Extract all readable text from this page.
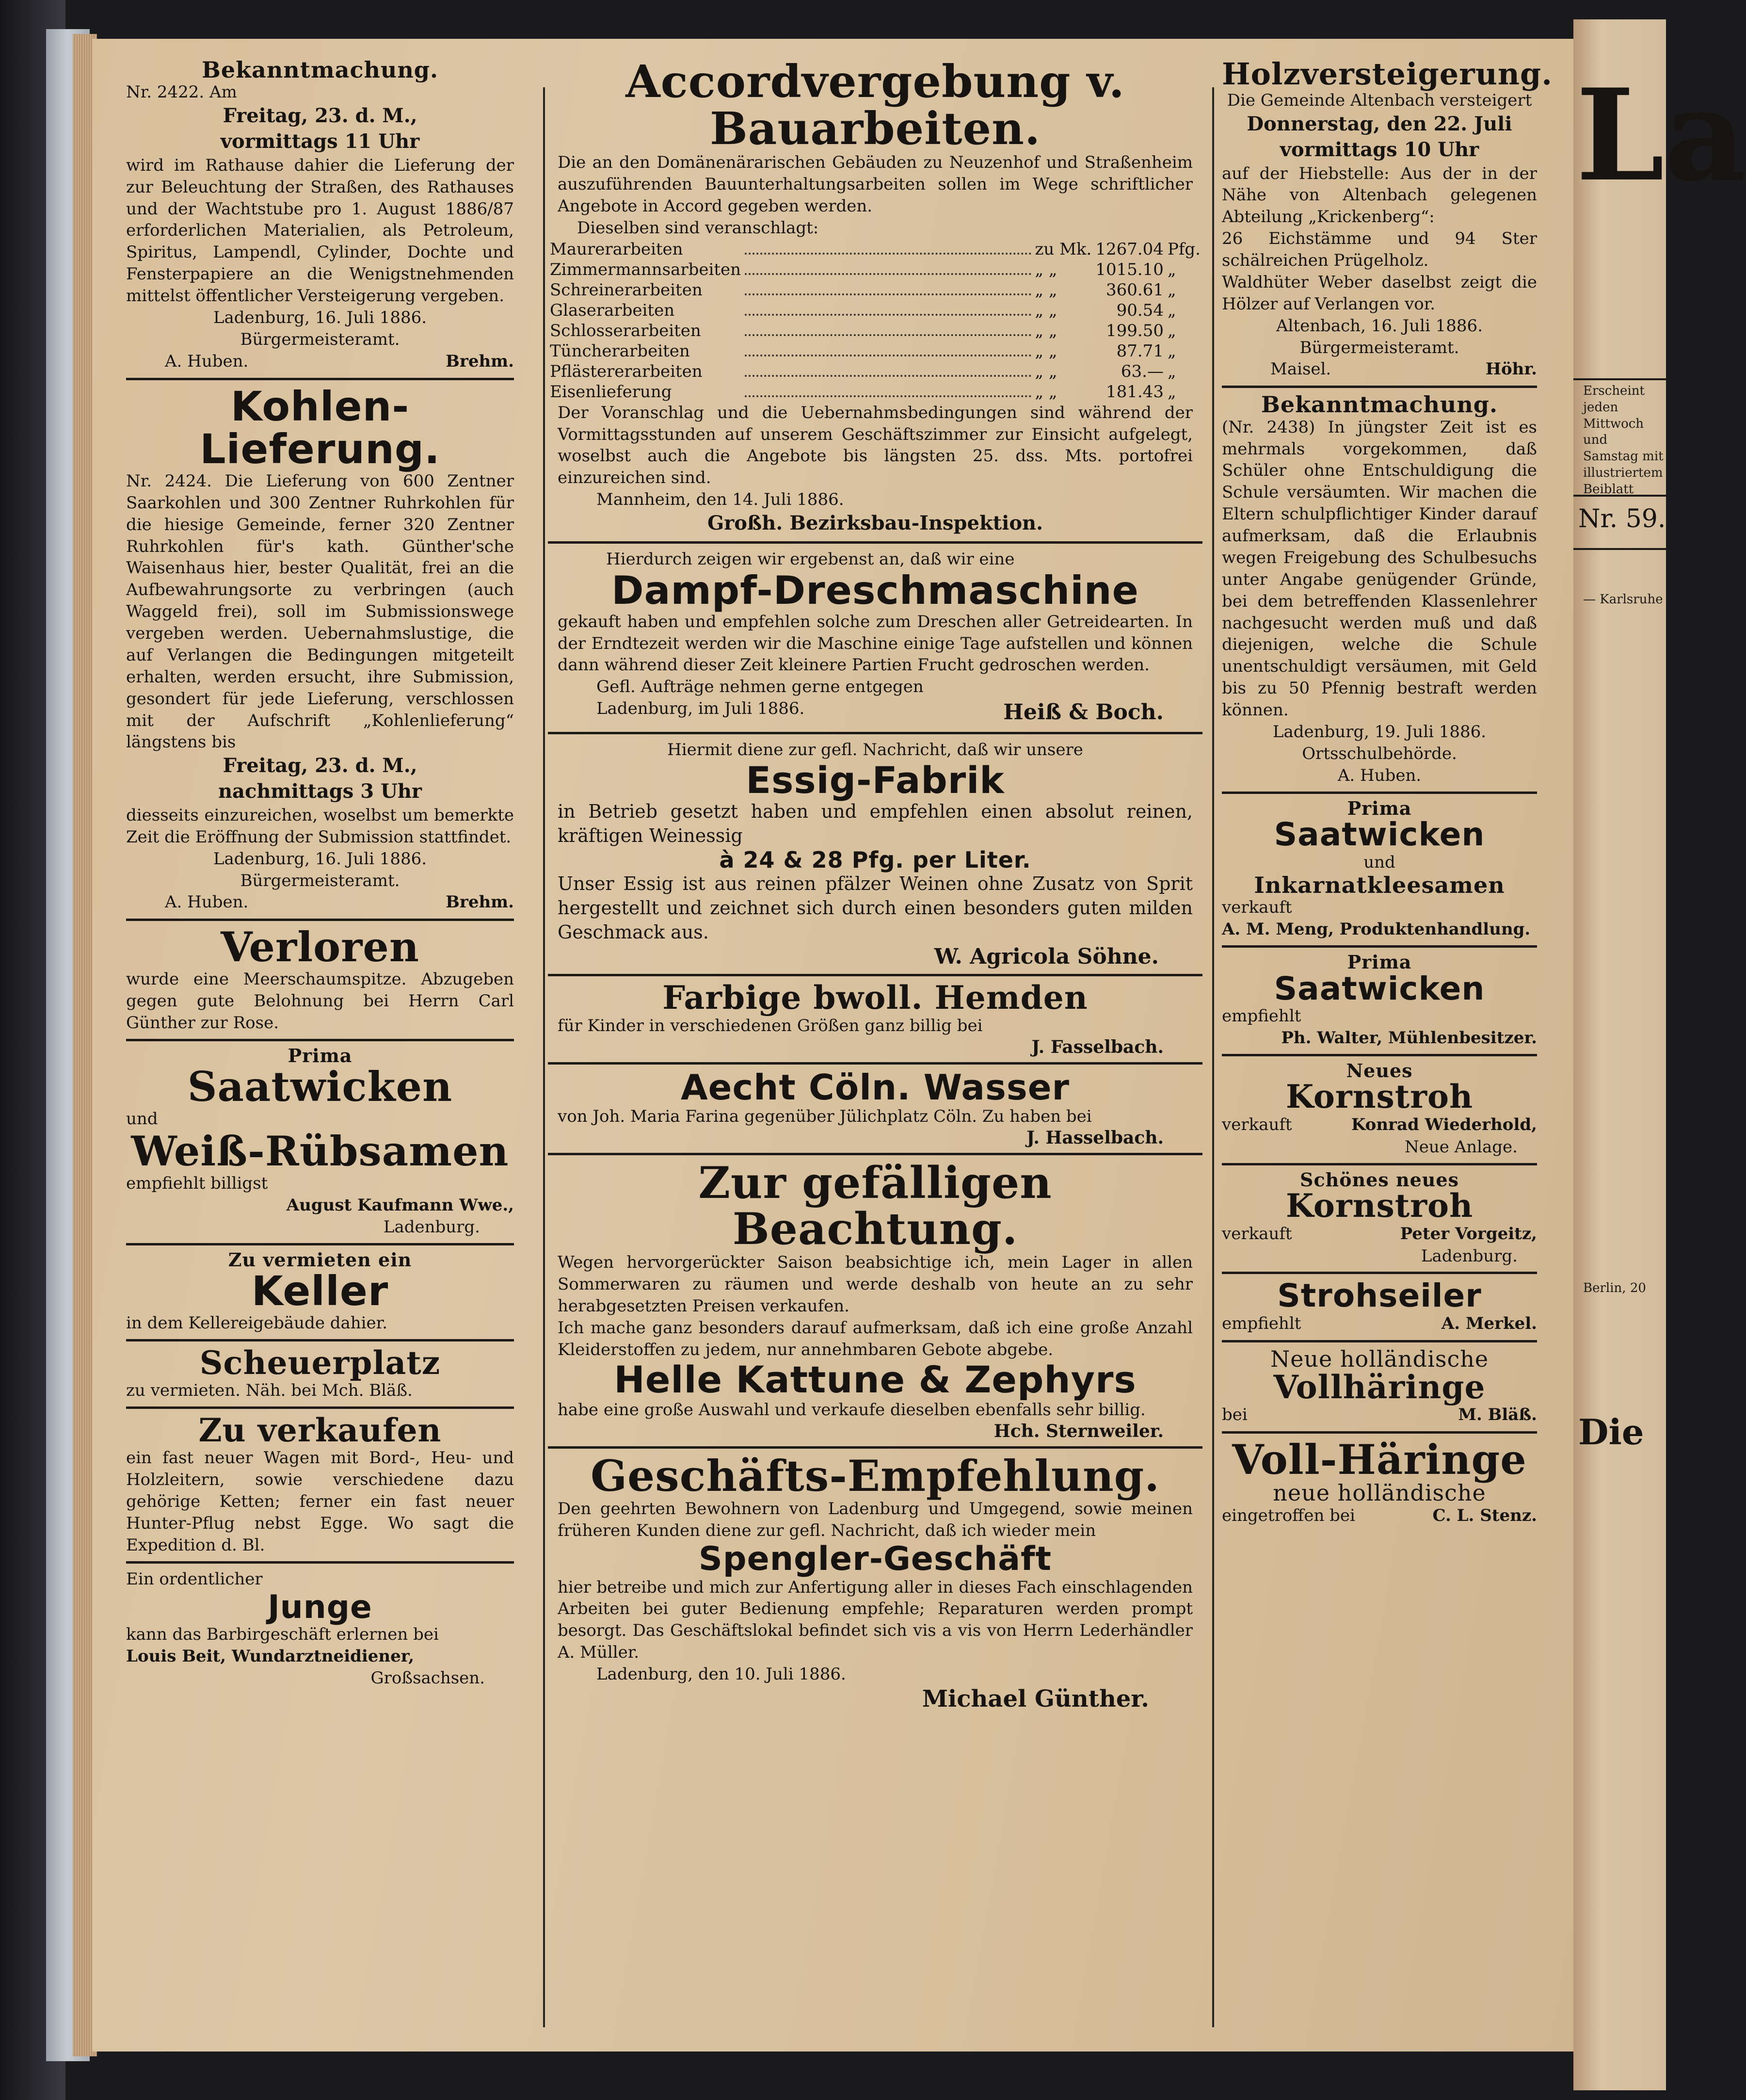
Bekanntmachung.
Nr. 2422. Am
Freitag, 23. d. M.,
vormittags 11 Uhr
wird im Rathause dahier die Lieferung der zur Beleuchtung der Straßen, des Rathauses und der Wachtstube pro 1. August 1886/87 erforderlichen Materialien, als Petroleum, Spiritus, Lampendl, Cylinder, Dochte und Fensterpapiere an die Wenigstnehmenden mittelst öffentlicher Versteigerung vergeben.
Ladenburg, 16. Juli 1886.
Bürgermeisteramt.
A. Huben.	Brehm.
Kohlen-
Lieferung.
Nr. 2424. Die Lieferung von 600 Zentner Saarkohlen und 300 Zentner Ruhrkohlen für die hiesige Gemeinde, ferner 320 Zentner Ruhrkohlen für's kath. Günther'sche Waisenhaus hier, bester Qualität, frei an die Aufbewahrungsorte zu verbringen (auch Waggeld frei), soll im Submissionswege vergeben werden. Uebernahmslustige, die auf Verlangen die Bedingungen mitgeteilt erhalten, werden ersucht, ihre Submission, gesondert für jede Lieferung, verschlossen mit der Aufschrift „Kohlenlieferung“ längstens bis
Freitag, 23. d. M.,
nachmittags 3 Uhr
diesseits einzureichen, woselbst um bemerkte Zeit die Eröffnung der Submission stattfindet.
Ladenburg, 16. Juli 1886.
Bürgermeisteramt.
A. Huben.	Brehm.
Verloren
wurde eine Meerschaumspitze. Abzugeben gegen gute Belohnung bei Herrn Carl Günther zur Rose.
Prima
Saatwicken
und
Weiß-Rübsamen
empfiehlt billigst
August Kaufmann Wwe.,
Ladenburg.
Zu vermieten ein
Keller
in dem Kellereigebäude dahier.
Scheuerplatz
zu vermieten. Näh. bei Mch. Bläß.
Zu verkaufen
ein fast neuer Wagen mit Bord-, Heu- und Holzleitern, sowie verschiedene dazu gehörige Ketten; ferner ein fast neuer Hunter-Pflug nebst Egge. Wo sagt die Expedition d. Bl.
Ein ordentlicher
Junge
kann das Barbirgeschäft erlernen bei
Louis Beit, Wundarztneidiener,
Großsachsen.
Accordvergebung v. Bauarbeiten.
Die an den Domänenärarischen Gebäuden zu Neuzenhof und Straßenheim auszuführenden Bauunterhaltungsarbeiten sollen im Wege schriftlicher Angebote in Accord gegeben werden.
Dieselben sind veranschlagt:
Maurerarbeiten		zu Mk.	1267.04	Pfg.
Zimmermannsarbeiten		„ „	1015.10	„
Schreinerarbeiten		„ „	360.61	„
Glaserarbeiten		„ „	90.54	„
Schlosserarbeiten		„ „	199.50	„
Tüncherarbeiten		„ „	87.71	„
Pflästererarbeiten		„ „	63.—	„
Eisenlieferung		„ „	181.43	„
Der Voranschlag und die Uebernahmsbedingungen sind während der Vormittagsstunden auf unserem Geschäftszimmer zur Einsicht aufgelegt, woselbst auch die Angebote bis längsten 25. dss. Mts. portofrei einzureichen sind.
Mannheim, den 14. Juli 1886.
Großh. Bezirksbau-Inspektion.
Hierdurch zeigen wir ergebenst an, daß wir eine
Dampf-Dreschmaschine
gekauft haben und empfehlen solche zum Dreschen aller Getreidearten. In der Erndtezeit werden wir die Maschine einige Tage aufstellen und können dann während dieser Zeit kleinere Partien Frucht gedroschen werden.
Gefl. Aufträge nehmen gerne entgegen
Ladenburg, im Juli 1886.	Heiß & Boch.
Hiermit diene zur gefl. Nachricht, daß wir unsere
Essig-Fabrik
in Betrieb gesetzt haben und empfehlen einen absolut reinen, kräftigen Weinessig
à 24 & 28 Pfg. per Liter.
Unser Essig ist aus reinen pfälzer Weinen ohne Zusatz von Sprit hergestellt und zeichnet sich durch einen besonders guten milden Geschmack aus.
W. Agricola Söhne.
Farbige bwoll. Hemden
für Kinder in verschiedenen Größen ganz billig bei
J. Fasselbach.
Aecht Cöln. Wasser
von Joh. Maria Farina gegenüber Jülichplatz Cöln. Zu haben bei
J. Hasselbach.
Zur gefälligen Beachtung.
Wegen hervorgerückter Saison beabsichtige ich, mein Lager in allen Sommerwaren zu räumen und werde deshalb von heute an zu sehr herabgesetzten Preisen verkaufen.
Ich mache ganz besonders darauf aufmerksam, daß ich eine große Anzahl Kleiderstoffen zu jedem, nur annehmbaren Gebote abgebe.
Helle Kattune & Zephyrs
habe eine große Auswahl und verkaufe dieselben ebenfalls sehr billig.
Hch. Sternweiler.
Geschäfts-Empfehlung.
Den geehrten Bewohnern von Ladenburg und Umgegend, sowie meinen früheren Kunden diene zur gefl. Nachricht, daß ich wieder mein
Spengler-Geschäft
hier betreibe und mich zur Anfertigung aller in dieses Fach einschlagenden Arbeiten bei guter Bedienung empfehle; Reparaturen werden prompt besorgt. Das Geschäftslokal befindet sich vis a vis von Herrn Lederhändler A. Müller.
Ladenburg, den 10. Juli 1886.
Michael Günther.
Holzversteigerung.
Die Gemeinde Altenbach versteigert
Donnerstag, den 22. Juli
vormittags 10 Uhr
auf der Hiebstelle: Aus der in der Nähe von Altenbach gelegenen Abteilung „Krickenberg“:
26 Eichstämme und 94 Ster schälreichen Prügelholz.
Waldhüter Weber daselbst zeigt die Hölzer auf Verlangen vor.
Altenbach, 16. Juli 1886.
Bürgermeisteramt.
Maisel.	Höhr.
Bekanntmachung.
(Nr. 2438) In jüngster Zeit ist es mehrmals vorgekommen, daß Schüler ohne Entschuldigung die Schule versäumten. Wir machen die Eltern schulpflichtiger Kinder darauf aufmerksam, daß die Erlaubnis wegen Freigebung des Schulbesuchs unter Angabe genügender Gründe, bei dem betreffenden Klassenlehrer nachgesucht werden muß und daß diejenigen, welche die Schule unentschuldigt versäumen, mit Geld bis zu 50 Pfennig bestraft werden können.
Ladenburg, 19. Juli 1886.
Ortsschulbehörde.
A. Huben.
Prima
Saatwicken
und
Inkarnatkleesamen
verkauft
A. M. Meng, Produktenhandlung.
Prima
Saatwicken
empfiehlt
Ph. Walter, Mühlenbesitzer.
Neues
Kornstroh
verkauft	Konrad Wiederhold,
Neue Anlage.
Schönes neues
Kornstroh
verkauft	Peter Vorgeitz,
Ladenburg.
Strohseiler
empfiehlt	A. Merkel.
Neue holländische
Vollhäringe
bei	M. Bläß.
Voll-Häringe
neue holländische
eingetroffen bei	C. L. Stenz.
La
Erscheint jeden Mittwoch und Samstag mit illustriertem Beiblatt
Nr. 59.
— Karlsruhe
Berlin, 20
Die
